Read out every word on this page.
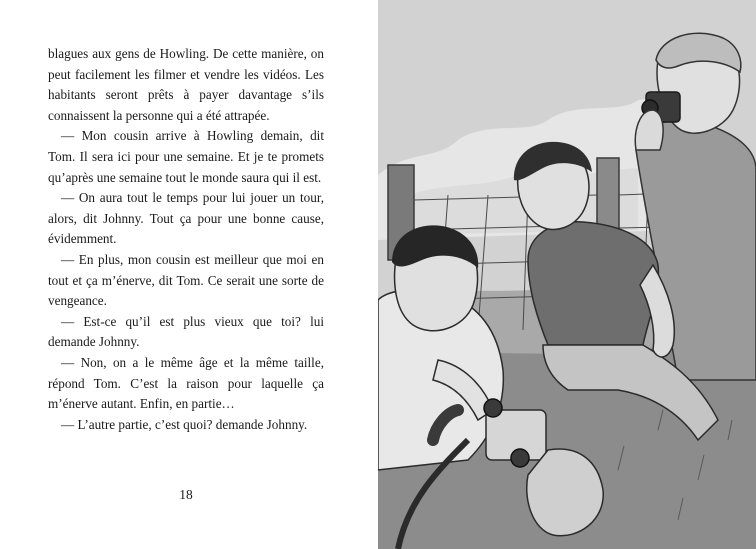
blagues aux gens de Howling. De cette manière, on peut facilement les filmer et vendre les vidéos. Les habitants seront prêts à payer davantage s’ils connaissent la personne qui a été attrapée.

— Mon cousin arrive à Howling demain, dit Tom. Il sera ici pour une semaine. Et je te promets qu’après une semaine tout le monde saura qui il est.

— On aura tout le temps pour lui jouer un tour, alors, dit Johnny. Tout ça pour une bonne cause, évidemment.

— En plus, mon cousin est meilleur que moi en tout et ça m’énerve, dit Tom. Ce serait une sorte de vengeance.

— Est-ce qu’il est plus vieux que toi? lui demande Johnny.

— Non, on a le même âge et la même taille, répond Tom. C’est la raison pour laquelle ça m’énerve autant. Enfin, en partie…

— L’autre partie, c’est quoi? demande Johnny.

18
